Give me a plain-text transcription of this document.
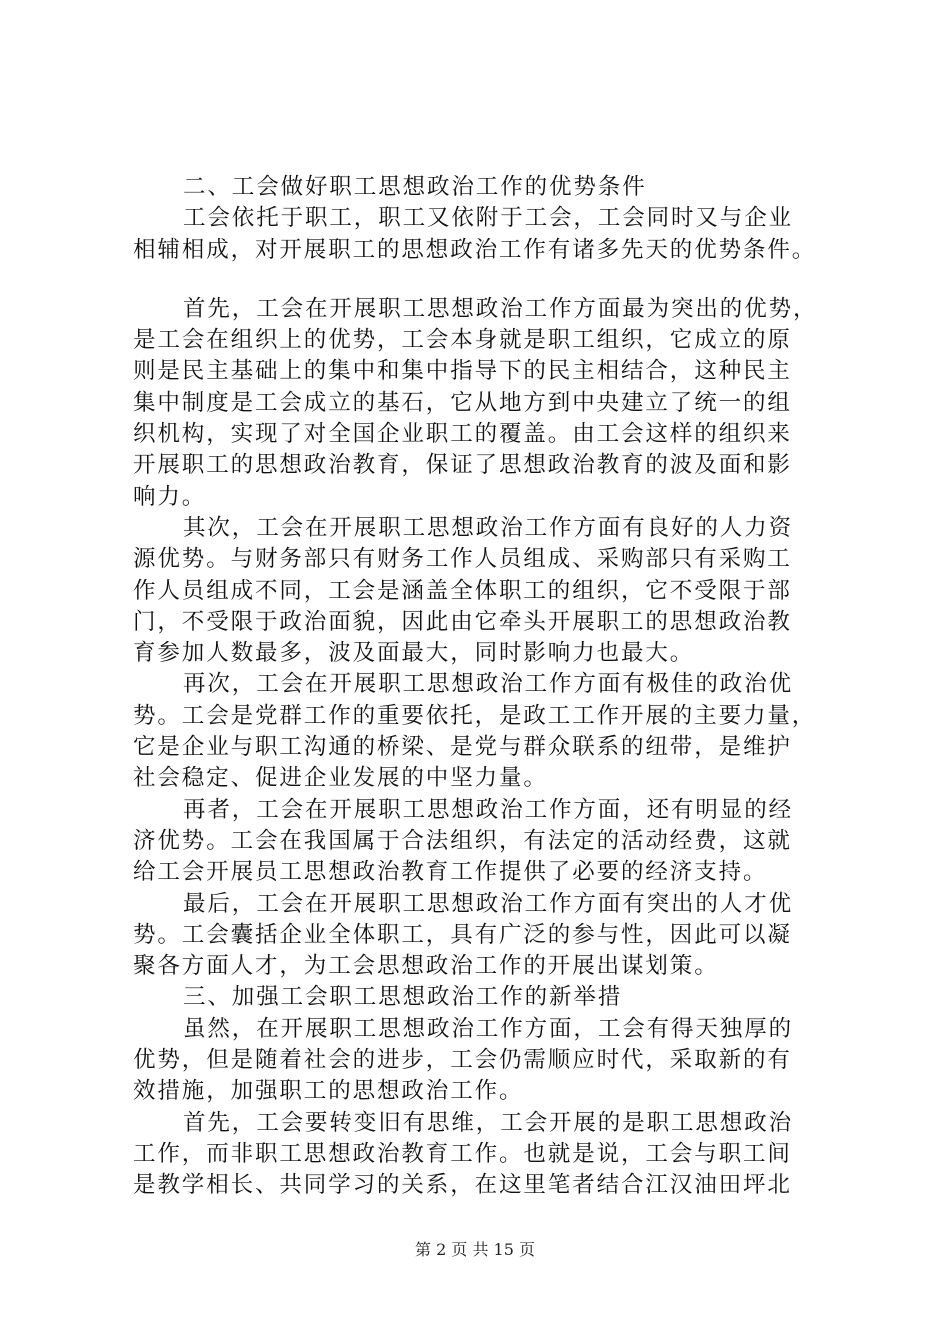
二、工会做好职工思想政治工作的优势条件
工会依托于职工，职工又依附于工会，工会同时又与企业
相辅相成，对开展职工的思想政治工作有诸多先天的优势条件。
首先，工会在开展职工思想政治工作方面最为突出的优势，
是工会在组织上的优势，工会本身就是职工组织，它成立的原
则是民主基础上的集中和集中指导下的民主相结合，这种民主
集中制度是工会成立的基石，它从地方到中央建立了统一的组
织机构，实现了对全国企业职工的覆盖。由工会这样的组织来
开展职工的思想政治教育，保证了思想政治教育的波及面和影
响力。
其次，工会在开展职工思想政治工作方面有良好的人力资
源优势。与财务部只有财务工作人员组成、采购部只有采购工
作人员组成不同，工会是涵盖全体职工的组织，它不受限于部
门，不受限于政治面貌，因此由它牵头开展职工的思想政治教
育参加人数最多，波及面最大，同时影响力也最大。
再次，工会在开展职工思想政治工作方面有极佳的政治优
势。工会是党群工作的重要依托，是政工工作开展的主要力量，
它是企业与职工沟通的桥梁、是党与群众联系的纽带，是维护
社会稳定、促进企业发展的中坚力量。
再者，工会在开展职工思想政治工作方面，还有明显的经
济优势。工会在我国属于合法组织，有法定的活动经费，这就
给工会开展员工思想政治教育工作提供了必要的经济支持。
最后，工会在开展职工思想政治工作方面有突出的人才优
势。工会囊括企业全体职工，具有广泛的参与性，因此可以凝
聚各方面人才，为工会思想政治工作的开展出谋划策。
三、加强工会职工思想政治工作的新举措
虽然，在开展职工思想政治工作方面，工会有得天独厚的
优势，但是随着社会的进步，工会仍需顺应时代，采取新的有
效措施，加强职工的思想政治工作。
首先，工会要转变旧有思维，工会开展的是职工思想政治
工作，而非职工思想政治教育工作。也就是说，工会与职工间
是教学相长、共同学习的关系，在这里笔者结合江汉油田坪北
第 2 页 共 15 页
